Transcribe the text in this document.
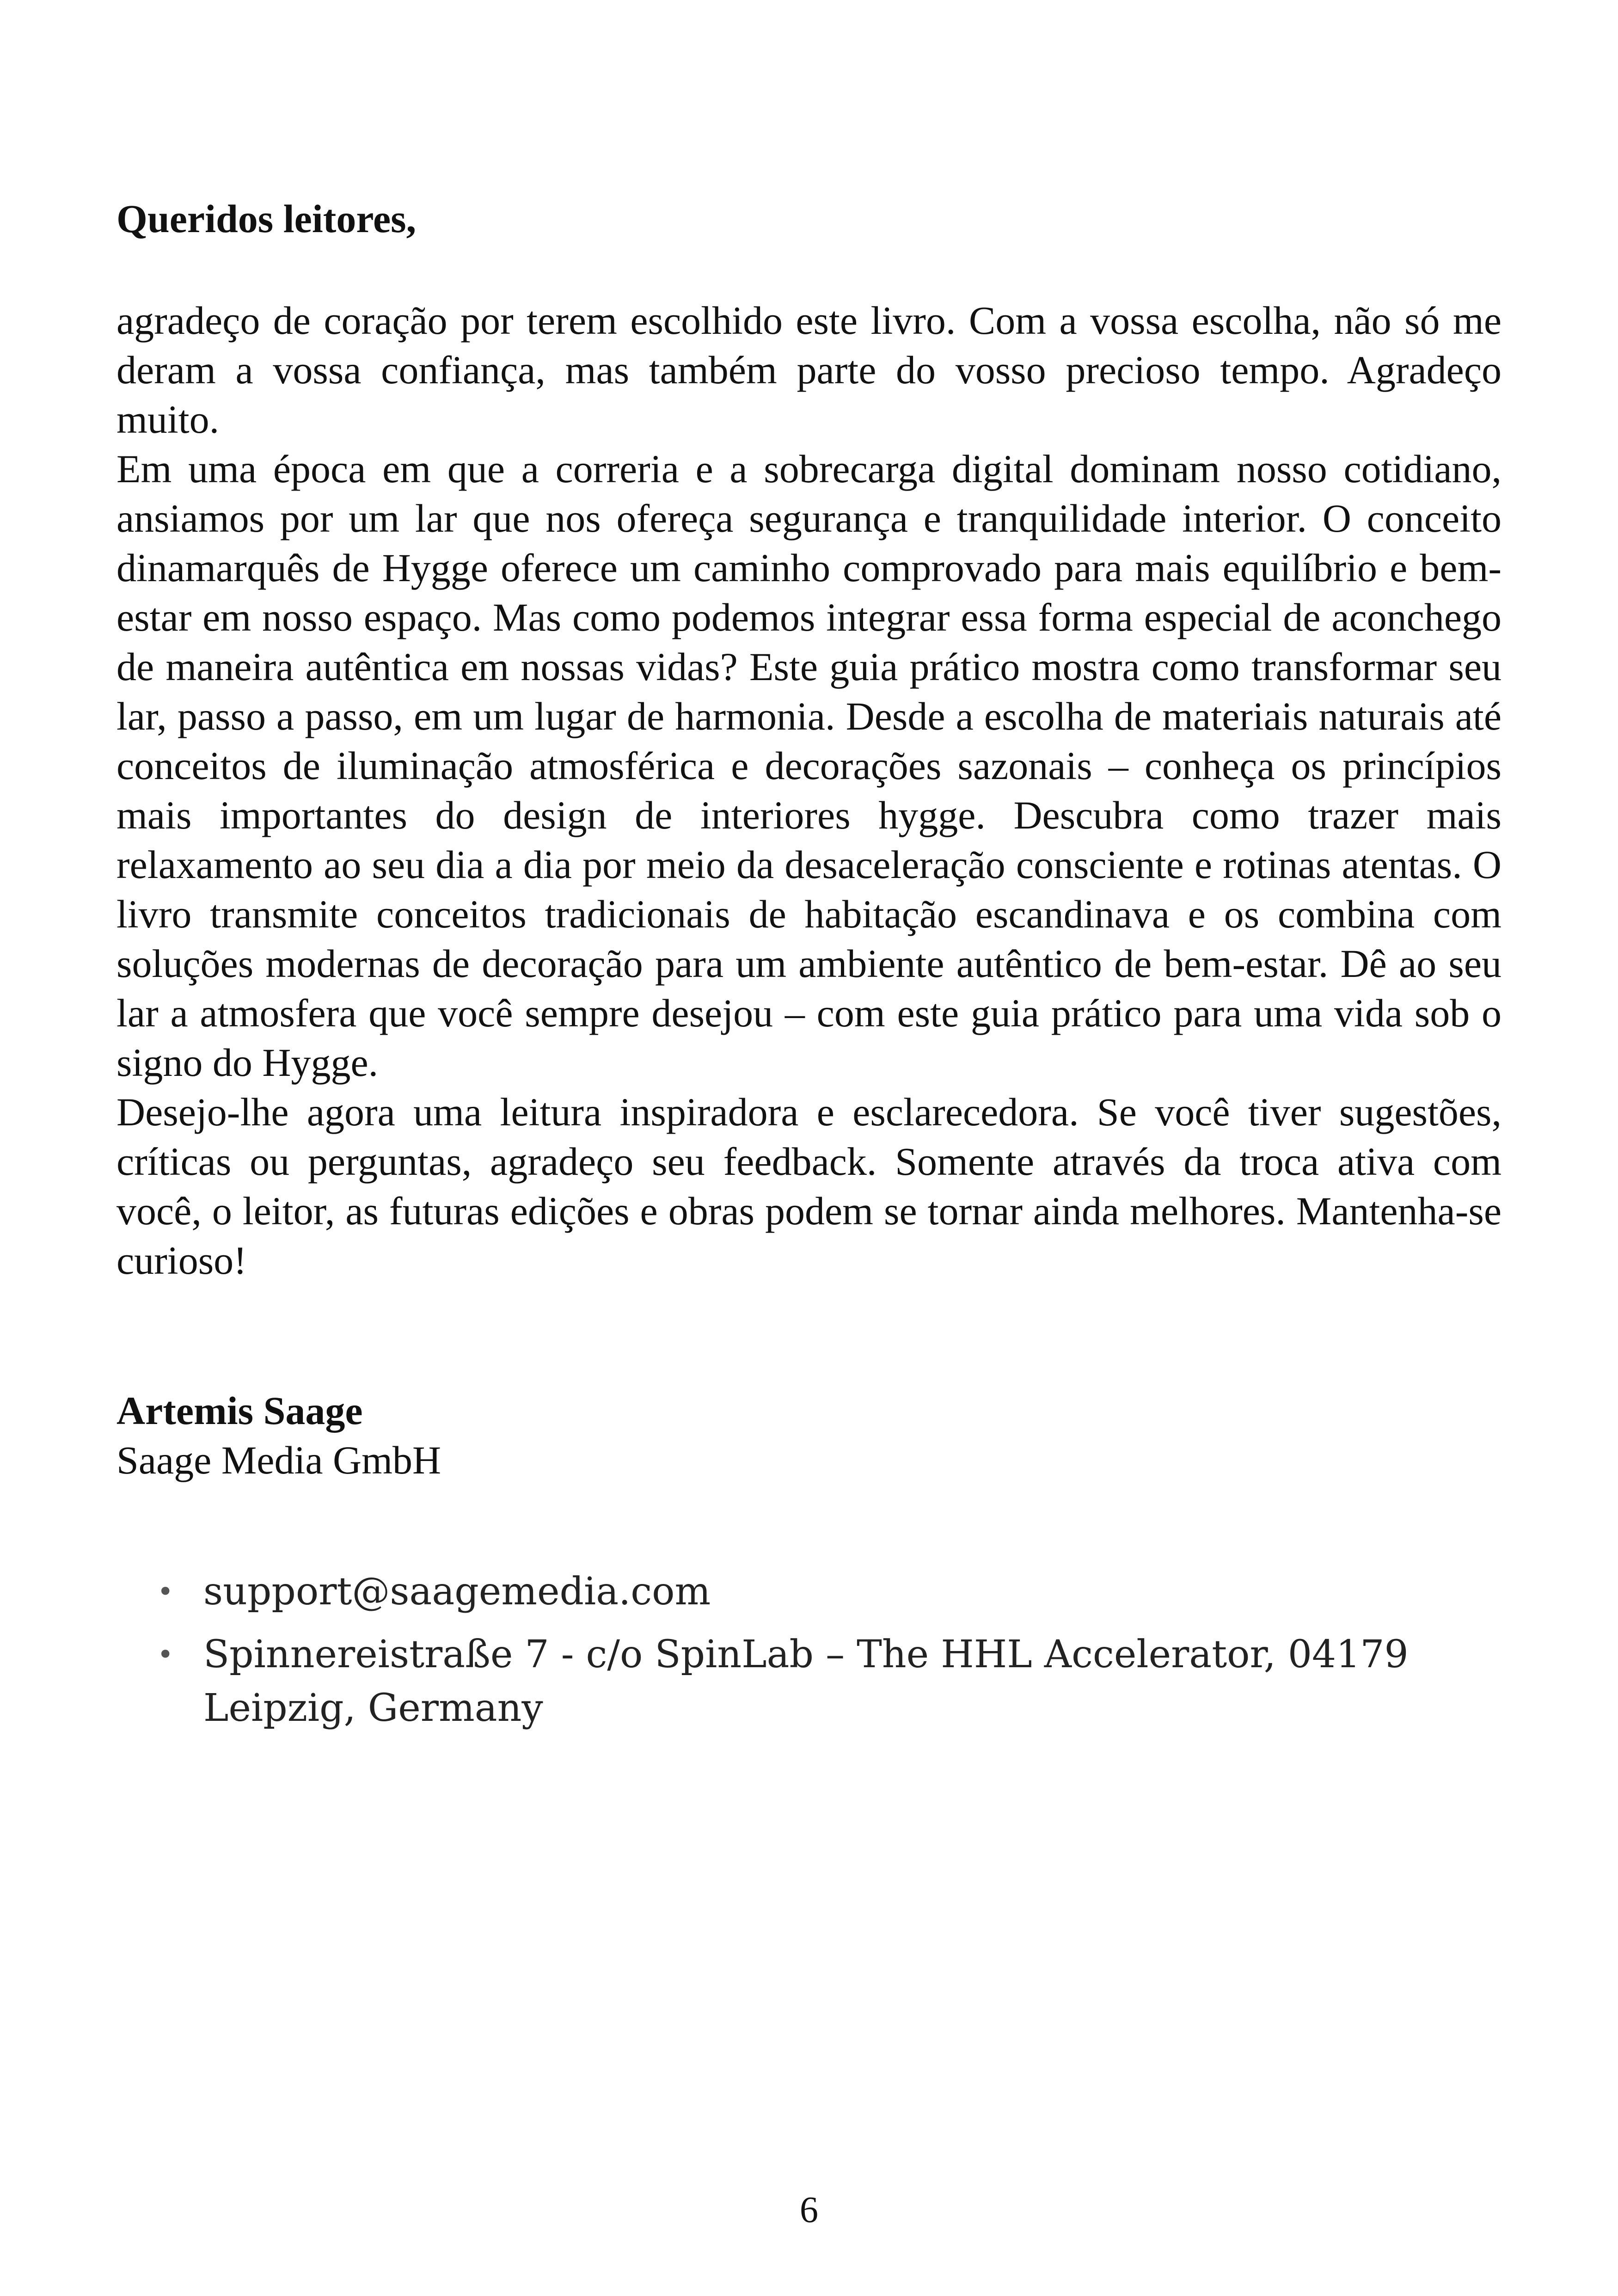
Queridos leitores,

agradeço de coração por terem escolhido este livro. Com a vossa escolha, não só me deram a vossa confiança, mas também parte do vosso precioso tempo. Agradeço muito.

Em uma época em que a correria e a sobrecarga digital dominam nosso cotidiano, ansiamos por um lar que nos ofereça segurança e tranquilidade interior. O conceito dinamarquês de Hygge oferece um caminho comprovado para mais equilíbrio e bem-estar em nosso espaço. Mas como podemos integrar essa forma especial de aconchego de maneira autêntica em nossas vidas? Este guia prático mostra como transformar seu lar, passo a passo, em um lugar de harmonia. Desde a escolha de materiais naturais até conceitos de iluminação atmosférica e decorações sazonais – conheça os princípios mais importantes do design de interiores hygge. Descubra como trazer mais relaxamento ao seu dia a dia por meio da desaceleração consciente e rotinas atentas. O livro transmite conceitos tradicionais de habitação escandinava e os combina com soluções modernas de decoração para um ambiente autêntico de bem-estar. Dê ao seu lar a atmosfera que você sempre desejou – com este guia prático para uma vida sob o signo do Hygge.

Desejo-lhe agora uma leitura inspiradora e esclarecedora. Se você tiver sugestões, críticas ou perguntas, agradeço seu feedback. Somente através da troca ativa com você, o leitor, as futuras edições e obras podem se tornar ainda melhores. Mantenha-se curioso!

Artemis Saage
Saage Media GmbH
• support@saagemedia.com
• Spinnereistraße 7 - c/o SpinLab – The HHL Accelerator, 04179 Leipzig, Germany
6
